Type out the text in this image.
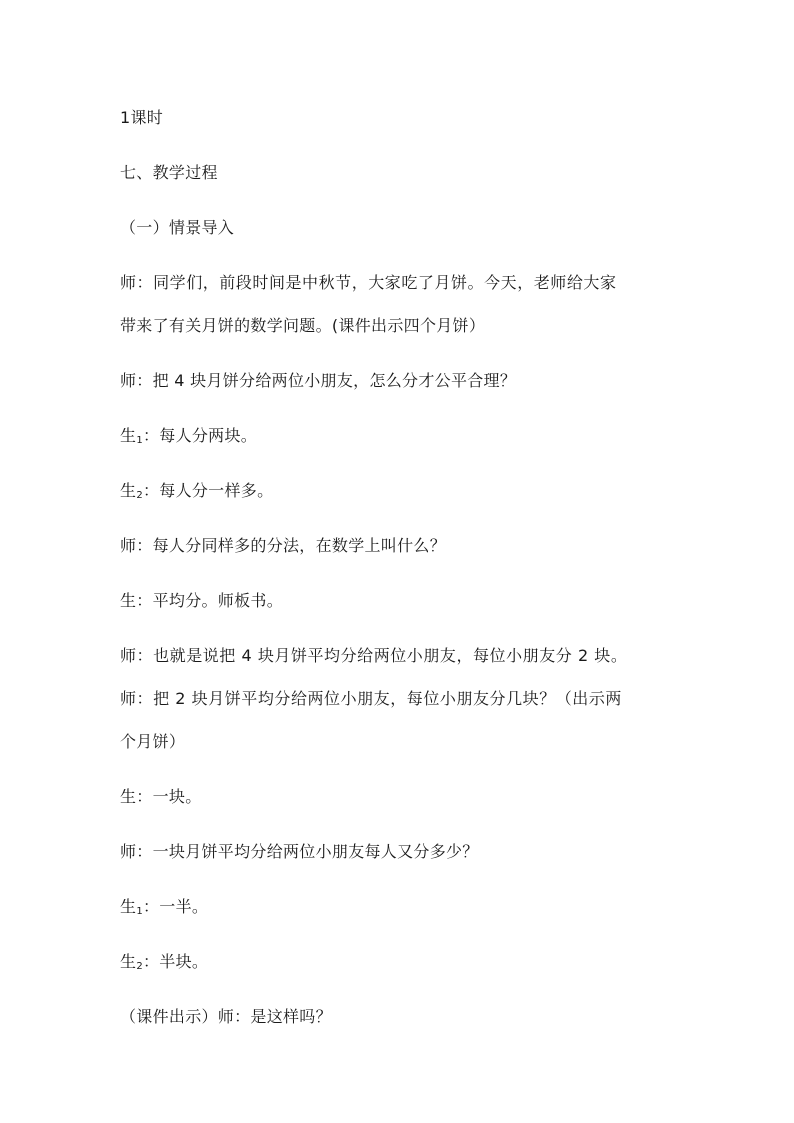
1课时
七、教学过程
（一）情景导入
师：同学们，前段时间是中秋节，大家吃了月饼。今天，老师给大家
带来了有关月饼的数学问题。(课件出示四个月饼）
师：把 4 块月饼分给两位小朋友，怎么分才公平合理？
生$_1$：每人分两块。
生$_2$：每人分一样多。
师：每人分同样多的分法，在数学上叫什么？
生：平均分。师板书。
师：也就是说把 4 块月饼平均分给两位小朋友，每位小朋友分 2 块。
师：把 2 块月饼平均分给两位小朋友，每位小朋友分几块？（出示两
个月饼）
生：一块。
师：一块月饼平均分给两位小朋友每人又分多少？
生$_1$：一半。
生$_2$：半块。
（课件出示）师：是这样吗？
